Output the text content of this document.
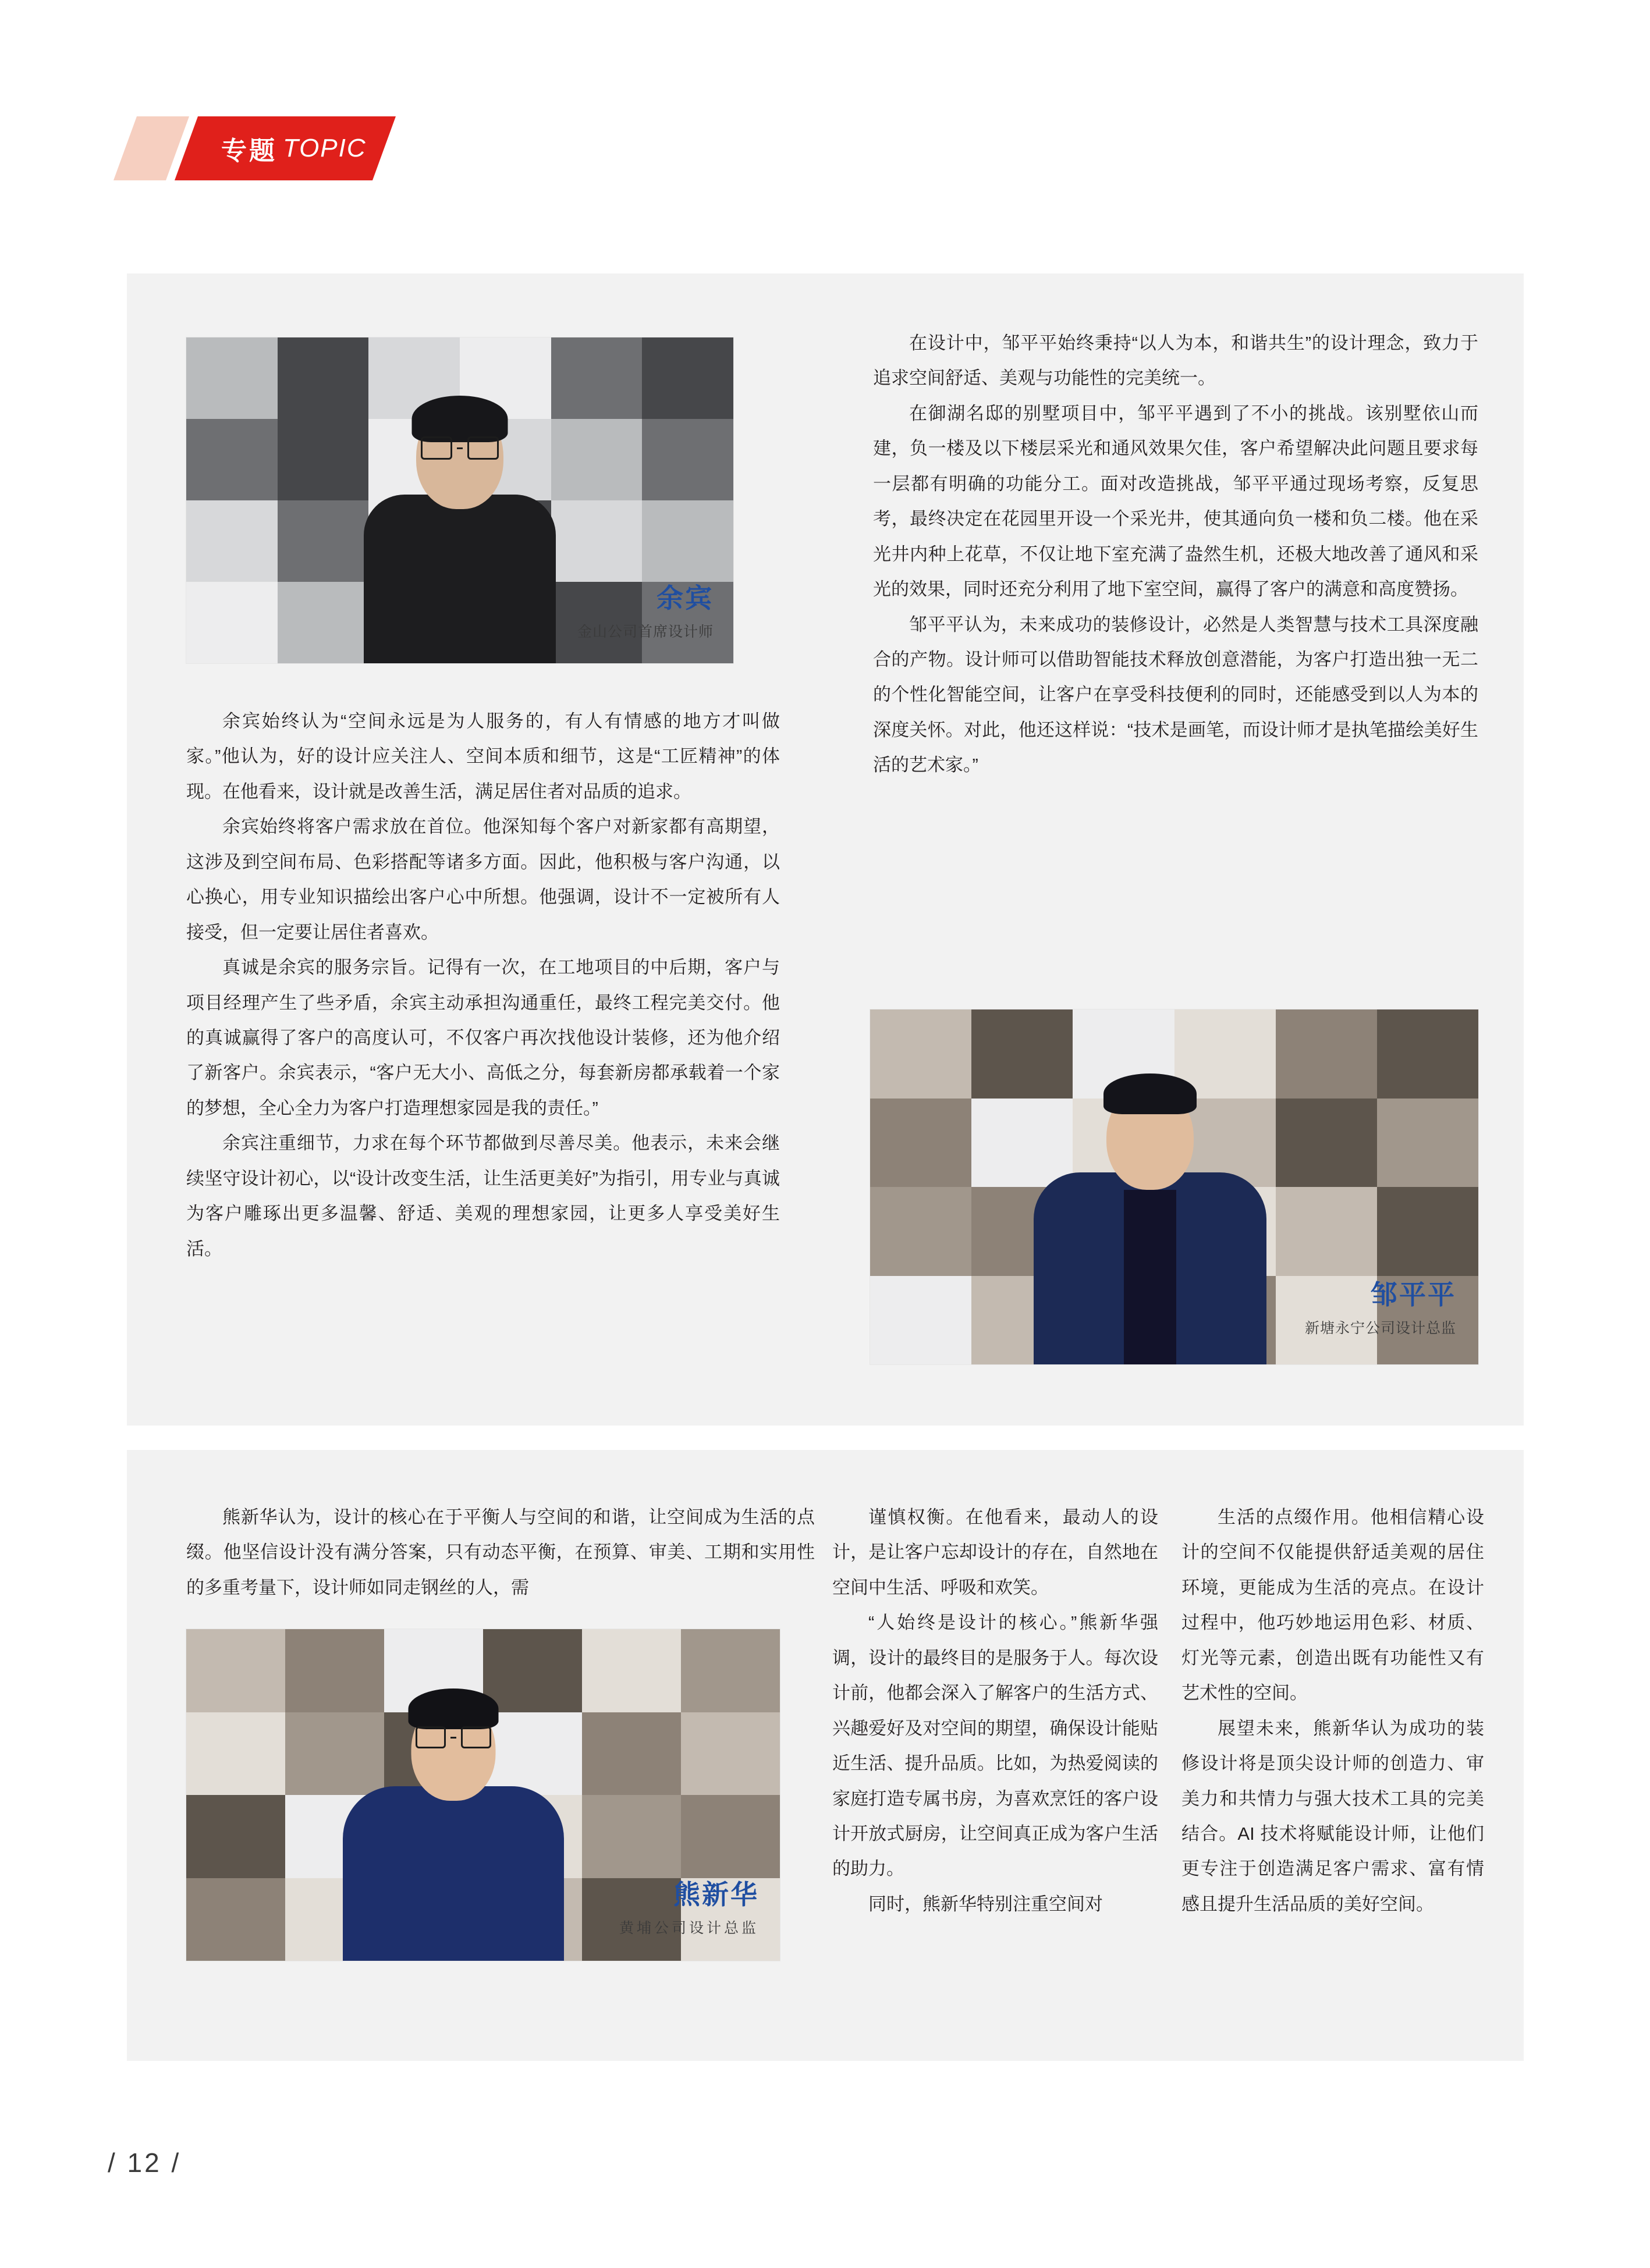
专题 TOPIC
余宾
金山公司首席设计师

余宾始终认为“空间永远是为人服务的，有人有情感的地方才叫做家。”他认为，好的设计应关注人、空间本质和细节，这是“工匠精神”的体现。在他看来，设计就是改善生活，满足居住者对品质的追求。

余宾始终将客户需求放在首位。他深知每个客户对新家都有高期望，这涉及到空间布局、色彩搭配等诸多方面。因此，他积极与客户沟通，以心换心，用专业知识描绘出客户心中所想。他强调，设计不一定被所有人接受，但一定要让居住者喜欢。

真诚是余宾的服务宗旨。记得有一次，在工地项目的中后期，客户与项目经理产生了些矛盾，余宾主动承担沟通重任，最终工程完美交付。他的真诚赢得了客户的高度认可，不仅客户再次找他设计装修，还为他介绍了新客户。余宾表示，“客户无大小、高低之分，每套新房都承载着一个家的梦想，全心全力为客户打造理想家园是我的责任。”

余宾注重细节，力求在每个环节都做到尽善尽美。他表示，未来会继续坚守设计初心，以“设计改变生活，让生活更美好”为指引，用专业与真诚为客户雕琢出更多温馨、舒适、美观的理想家园，让更多人享受美好生活。

在设计中，邹平平始终秉持“以人为本，和谐共生”的设计理念，致力于追求空间舒适、美观与功能性的完美统一。

在御湖名邸的别墅项目中，邹平平遇到了不小的挑战。该别墅依山而建，负一楼及以下楼层采光和通风效果欠佳，客户希望解决此问题且要求每一层都有明确的功能分工。面对改造挑战，邹平平通过现场考察，反复思考，最终决定在花园里开设一个采光井，使其通向负一楼和负二楼。他在采光井内种上花草，不仅让地下室充满了盎然生机，还极大地改善了通风和采光的效果，同时还充分利用了地下室空间，赢得了客户的满意和高度赞扬。

邹平平认为，未来成功的装修设计，必然是人类智慧与技术工具深度融合的产物。设计师可以借助智能技术释放创意潜能，为客户打造出独一无二的个性化智能空间，让客户在享受科技便利的同时，还能感受到以人为本的深度关怀。对此，他还这样说：“技术是画笔，而设计师才是执笔描绘美好生活的艺术家。”

邹平平
新塘永宁公司设计总监

熊新华认为，设计的核心在于平衡人与空间的和谐，让空间成为生活的点缀。他坚信设计没有满分答案，只有动态平衡，在预算、审美、工期和实用性的多重考量下，设计师如同走钢丝的人，需

熊新华
黄埔公司设计总监

谨慎权衡。在他看来，最动人的设计，是让客户忘却设计的存在，自然地在空间中生活、呼吸和欢笑。

“人始终是设计的核心。”熊新华强调，设计的最终目的是服务于人。每次设计前，他都会深入了解客户的生活方式、兴趣爱好及对空间的期望，确保设计能贴近生活、提升品质。比如，为热爱阅读的家庭打造专属书房，为喜欢烹饪的客户设计开放式厨房，让空间真正成为客户生活的助力。

同时，熊新华特别注重空间对

生活的点缀作用。他相信精心设计的空间不仅能提供舒适美观的居住环境，更能成为生活的亮点。在设计过程中，他巧妙地运用色彩、材质、灯光等元素，创造出既有功能性又有艺术性的空间。

展望未来，熊新华认为成功的装修设计将是顶尖设计师的创造力、审美力和共情力与强大技术工具的完美结合。AI 技术将赋能设计师，让他们更专注于创造满足客户需求、富有情感且提升生活品质的美好空间。

/ 12 /
